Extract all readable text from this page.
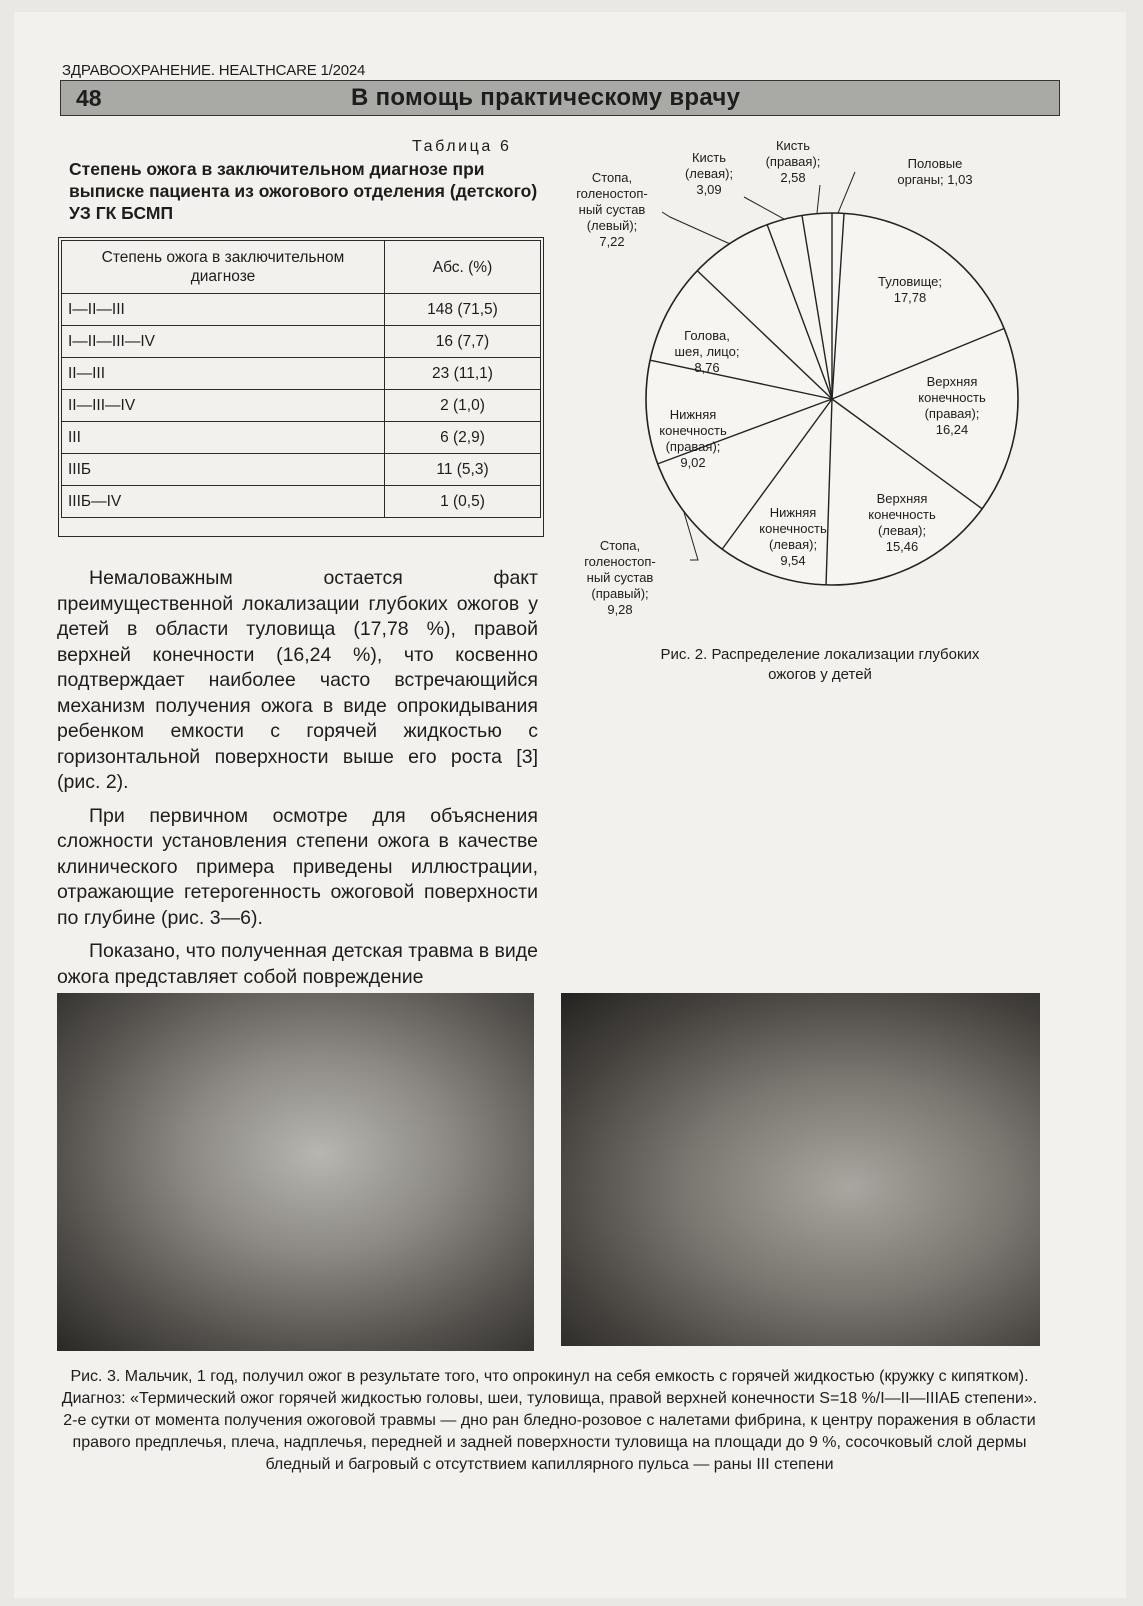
ЗДРАВООХРАНЕНИЕ. HEALTHCARE 1/2024
48	В помощь практическому врачу
Таблица 6
Степень ожога в заключительном диагнозе при выписке пациента из ожогового отделения (детского) УЗ ГК БСМП
Степень ожога в заключительном диагнозе	Абс. (%)
I—II—III	148 (71,5)
I—II—III—IV	16 (7,7)
II—III	23 (11,1)
II—III—IV	2 (1,0)
III	6 (2,9)
IIIБ	11 (5,3)
IIIБ—IV	1 (0,5)

Немаловажным остается факт преимущественной локализации глубоких ожогов у детей в области туловища (17,78 %), правой верхней конечности (16,24 %), что косвенно подтверждает наиболее часто встречающийся механизм получения ожога в виде опрокидывания ребенком емкости с горячей жидкостью с горизонтальной поверхности выше его роста [3] (рис. 2).

При первичном осмотре для объяснения сложности установления степени ожога в качестве клинического примера приведены иллюстрации, отражающие гетерогенность ожоговой поверхности по глубине (рис. 3—6).

Показано, что полученная детская травма в виде ожога представляет собой повреждение

Половые
органы; 1,03
Туловище;
17,78
Верхняя
конечность
(правая);
16,24
Верхняя
конечность
(левая);
15,46
Нижняя
конечность
(левая);
9,54
Стопа,
голеностоп-
ный сустав
(правый);
9,28
Нижняя
конечность
(правая);
9,02
Голова,
шея, лицо;
8,76
Стопа,
голеностоп-
ный сустав
(левый);
7,22
Кисть
(левая);
3,09
Кисть
(правая);
2,58
Рис. 2. Распределение локализации глубоких ожогов у детей
Рис. 3. Мальчик, 1 год, получил ожог в результате того, что опрокинул на себя емкость с горячей жидкостью (кружку с кипятком). Диагноз: «Термический ожог горячей жидкостью головы, шеи, туловища, правой верхней конечности S=18 %/I—II—IIIАБ степени». 2-е сутки от момента получения ожоговой травмы — дно ран бледно-розовое с налетами фибрина, к центру поражения в области правого предплечья, плеча, надплечья, передней и задней поверхности туловища на площади до 9 %, сосочковый слой дермы бледный и багровый с отсутствием капиллярного пульса — раны III степени
